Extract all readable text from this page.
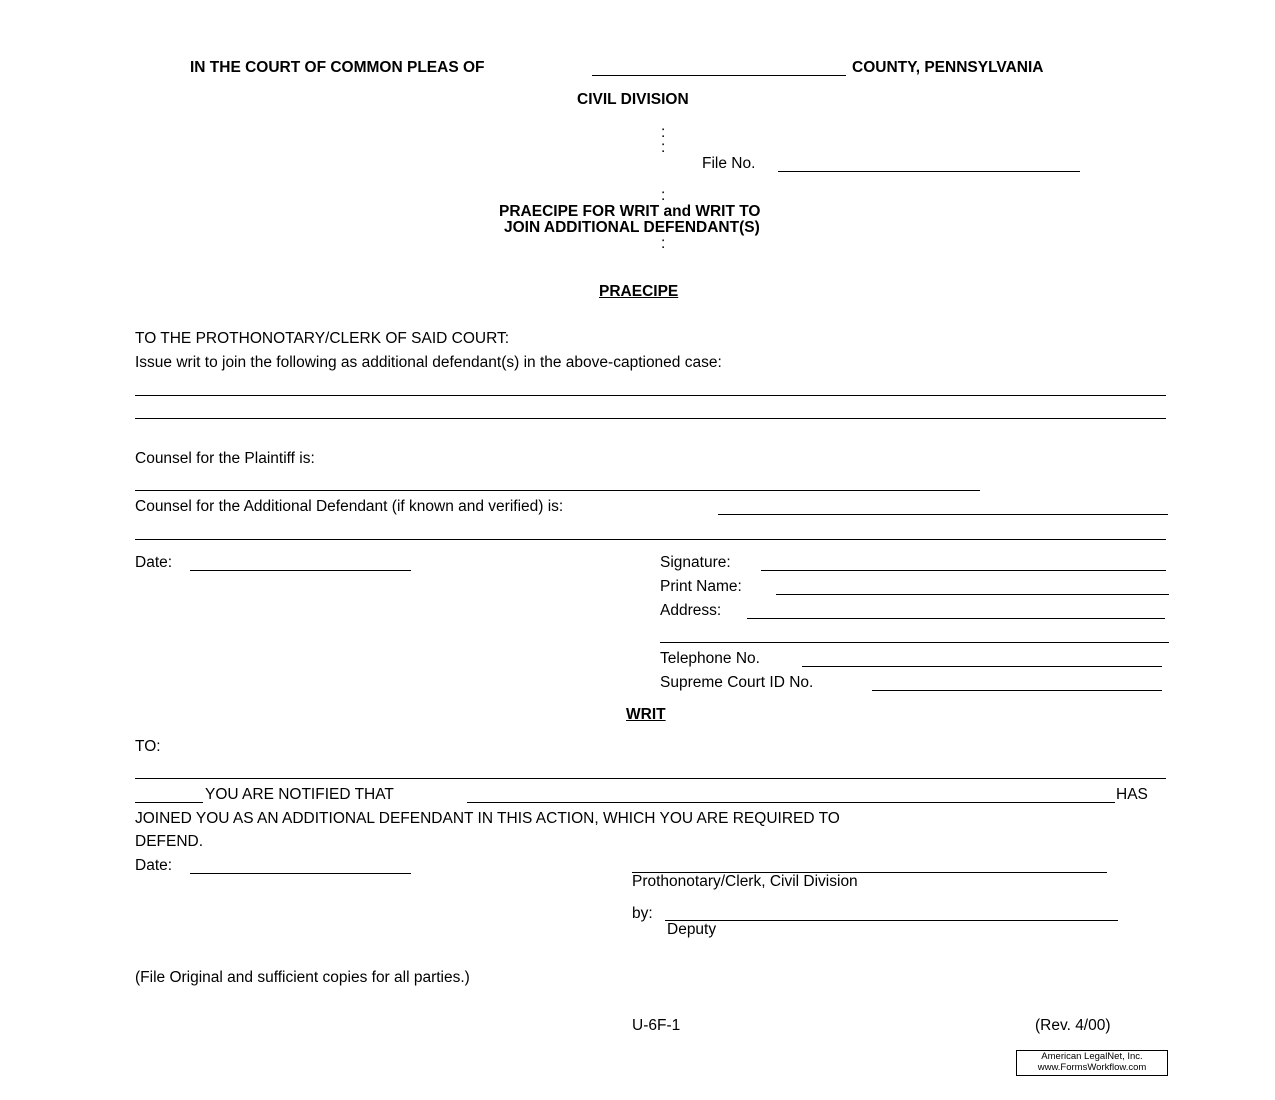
IN THE COURT OF COMMON PLEAS OF	COUNTY, PENNSYLVANIA
CIVIL DIVISION
:
:
File No.
:
PRAECIPE FOR WRIT and WRIT TO
JOIN ADDITIONAL DEFENDANT(S)
:
PRAECIPE
TO THE PROTHONOTARY/CLERK OF SAID COURT:
Issue writ to join the following as additional defendant(s) in the above-captioned case:
Counsel for the Plaintiff is:
Counsel for the Additional Defendant (if known and verified) is:
Date:	Signature:
Print Name:
Address:
Telephone No.
Supreme Court ID No.
WRIT
TO:
YOU ARE NOTIFIED THAT	HAS
JOINED YOU AS AN ADDITIONAL DEFENDANT IN THIS ACTION, WHICH YOU ARE REQUIRED TO
DEFEND.
Date:
Prothonotary/Clerk, Civil Division
by:
Deputy
(File Original and sufficient copies for all parties.)
U-6F-1	(Rev. 4/00)
American LegalNet, Inc.
www.FormsWorkflow.com
